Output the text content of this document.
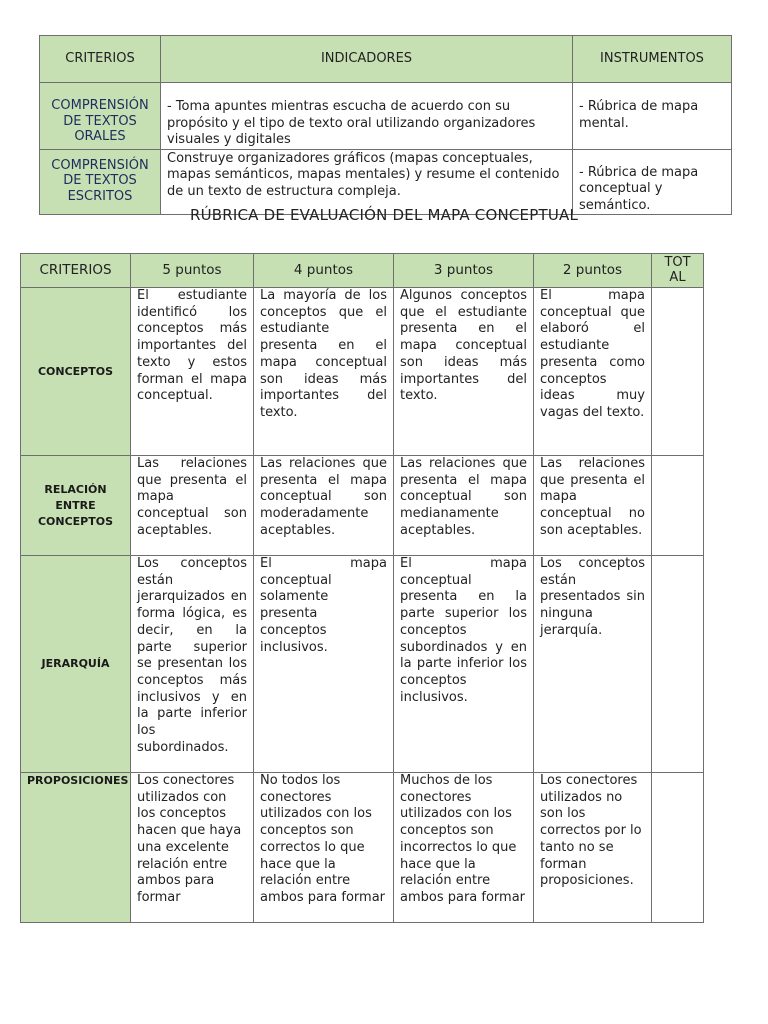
CRITERIOS	INDICADORES	INSTRUMENTOS
COMPRENSIÓN DE TEXTOS ORALES	- Toma apuntes mientras escucha de acuerdo con su propósito y el tipo de texto oral utilizando organizadores visuales y digitales	- Rúbrica de mapa mental.
COMPRENSIÓN DE TEXTOS ESCRITOS	Construye organizadores gráficos (mapas conceptuales, mapas semánticos, mapas mentales) y resume el contenido de un texto de estructura compleja.	- Rúbrica de mapa conceptual y semántico.
RÚBRICA DE EVALUACIÓN DEL MAPA CONCEPTUAL
CRITERIOS	5 puntos	4 puntos	3 puntos	2 puntos	TOT AL
CONCEPTOS	El estudiante identificó los conceptos más importantes del texto y estos forman el mapa conceptual.	La mayoría de los conceptos que el estudiante presenta en el mapa conceptual son ideas más importantes del texto.	Algunos conceptos que el estudiante presenta en el mapa conceptual son ideas más importantes del texto.	El mapa conceptual que elaboró el estudiante presenta como conceptos ideas muy vagas del texto.	
RELACIÓN ENTRE CONCEPTOS	Las relaciones que presenta el mapa conceptual son aceptables.	Las relaciones que presenta el mapa conceptual son moderadamente aceptables.	Las relaciones que presenta el mapa conceptual son medianamente aceptables.	Las relaciones que presenta el mapa conceptual no son aceptables.	
JERARQUÍA	Los conceptos están jerarquizados en forma lógica, es decir, en la parte superior se presentan los conceptos más inclusivos y en la parte inferior los subordinados.	El mapa conceptual solamente presenta conceptos inclusivos.	El mapa conceptual presenta en la parte superior los conceptos subordinados y en la parte inferior los conceptos inclusivos.	Los conceptos están presentados sin ninguna jerarquía.	
PROPOSICIONES	Los conectores utilizados con los conceptos hacen que haya una excelente relación entre ambos para formar	No todos los conectores utilizados con los conceptos son correctos lo que hace que la relación entre ambos para formar	Muchos de los conectores utilizados con los conceptos son incorrectos lo que hace que la relación entre ambos para formar	Los conectores utilizados no son los correctos por lo tanto no se forman proposiciones.	
